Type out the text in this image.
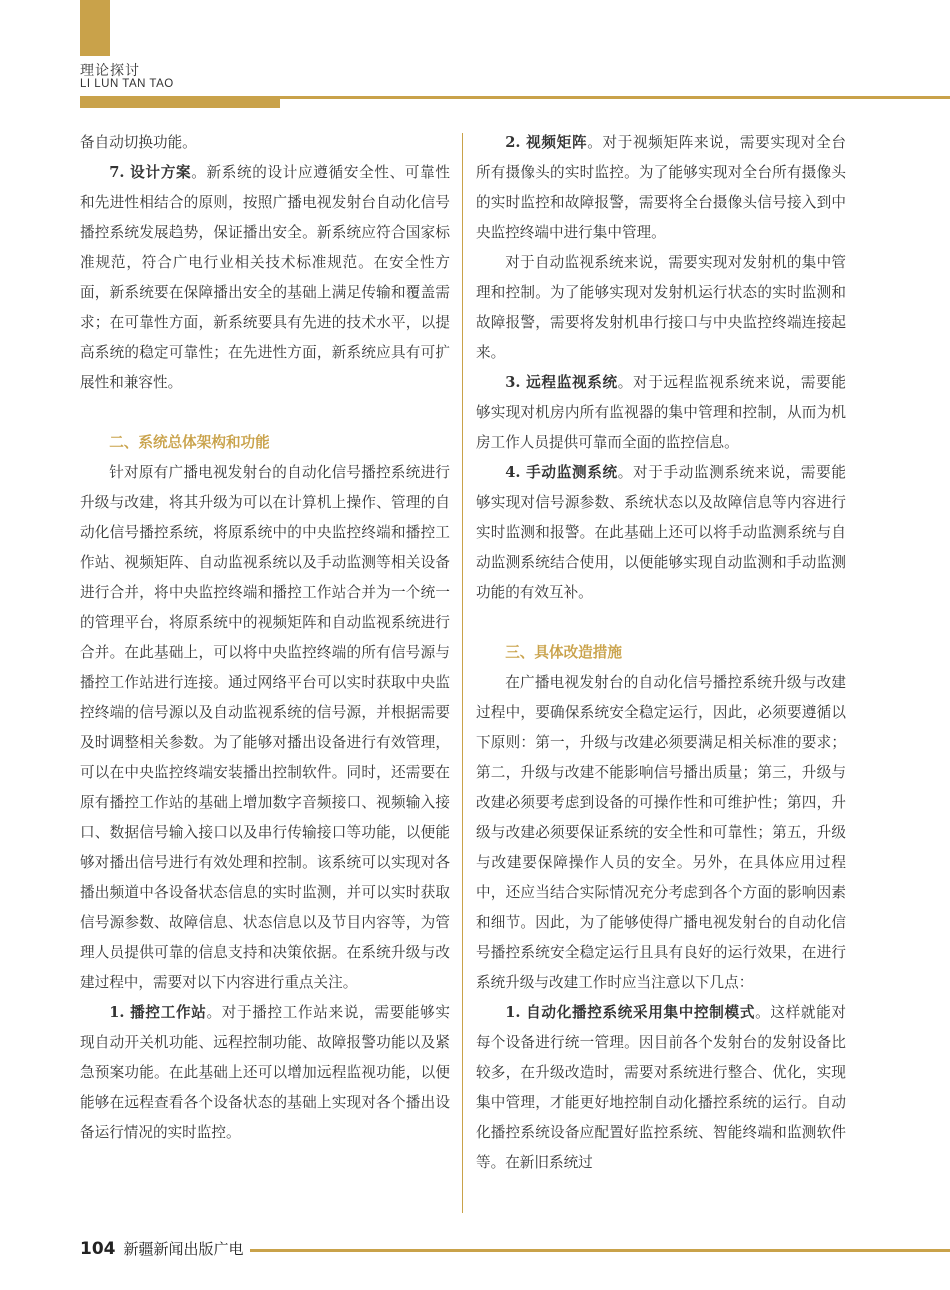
理论探讨
LI LUN TAN TAO

备自动切换功能。

7. 设计方案。新系统的设计应遵循安全性、可靠性和先进性相结合的原则，按照广播电视发射台自动化信号播控系统发展趋势，保证播出安全。新系统应符合国家标准规范，符合广电行业相关技术标准规范。在安全性方面，新系统要在保障播出安全的基础上满足传输和覆盖需求；在可靠性方面，新系统要具有先进的技术水平，以提高系统的稳定可靠性；在先进性方面，新系统应具有可扩展性和兼容性。

二、系统总体架构和功能

针对原有广播电视发射台的自动化信号播控系统进行升级与改建，将其升级为可以在计算机上操作、管理的自动化信号播控系统，将原系统中的中央监控终端和播控工作站、视频矩阵、自动监视系统以及手动监测等相关设备进行合并，将中央监控终端和播控工作站合并为一个统一的管理平台，将原系统中的视频矩阵和自动监视系统进行合并。在此基础上，可以将中央监控终端的所有信号源与播控工作站进行连接。通过网络平台可以实时获取中央监控终端的信号源以及自动监视系统的信号源，并根据需要及时调整相关参数。为了能够对播出设备进行有效管理，可以在中央监控终端安装播出控制软件。同时，还需要在原有播控工作站的基础上增加数字音频接口、视频输入接口、数据信号输入接口以及串行传输接口等功能，以便能够对播出信号进行有效处理和控制。该系统可以实现对各播出频道中各设备状态信息的实时监测，并可以实时获取信号源参数、故障信息、状态信息以及节目内容等，为管理人员提供可靠的信息支持和决策依据。在系统升级与改建过程中，需要对以下内容进行重点关注。

1. 播控工作站。对于播控工作站来说，需要能够实现自动开关机功能、远程控制功能、故障报警功能以及紧急预案功能。在此基础上还可以增加远程监视功能，以便能够在远程查看各个设备状态的基础上实现对各个播出设备运行情况的实时监控。

2. 视频矩阵。对于视频矩阵来说，需要实现对全台所有摄像头的实时监控。为了能够实现对全台所有摄像头的实时监控和故障报警，需要将全台摄像头信号接入到中央监控终端中进行集中管理。

对于自动监视系统来说，需要实现对发射机的集中管理和控制。为了能够实现对发射机运行状态的实时监测和故障报警，需要将发射机串行接口与中央监控终端连接起来。

3. 远程监视系统。对于远程监视系统来说，需要能够实现对机房内所有监视器的集中管理和控制，从而为机房工作人员提供可靠而全面的监控信息。

4. 手动监测系统。对于手动监测系统来说，需要能够实现对信号源参数、系统状态以及故障信息等内容进行实时监测和报警。在此基础上还可以将手动监测系统与自动监测系统结合使用，以便能够实现自动监测和手动监测功能的有效互补。

三、具体改造措施

在广播电视发射台的自动化信号播控系统升级与改建过程中，要确保系统安全稳定运行，因此，必须要遵循以下原则：第一，升级与改建必须要满足相关标准的要求；第二，升级与改建不能影响信号播出质量；第三，升级与改建必须要考虑到设备的可操作性和可维护性；第四，升级与改建必须要保证系统的安全性和可靠性；第五，升级与改建要保障操作人员的安全。另外，在具体应用过程中，还应当结合实际情况充分考虑到各个方面的影响因素和细节。因此，为了能够使得广播电视发射台的自动化信号播控系统安全稳定运行且具有良好的运行效果，在进行系统升级与改建工作时应当注意以下几点：

1. 自动化播控系统采用集中控制模式。这样就能对每个设备进行统一管理。因目前各个发射台的发射设备比较多，在升级改造时，需要对系统进行整合、优化，实现集中管理，才能更好地控制自动化播控系统的运行。自动化播控系统设备应配置好监控系统、智能终端和监测软件等。在新旧系统过

104 新疆新闻出版广电
